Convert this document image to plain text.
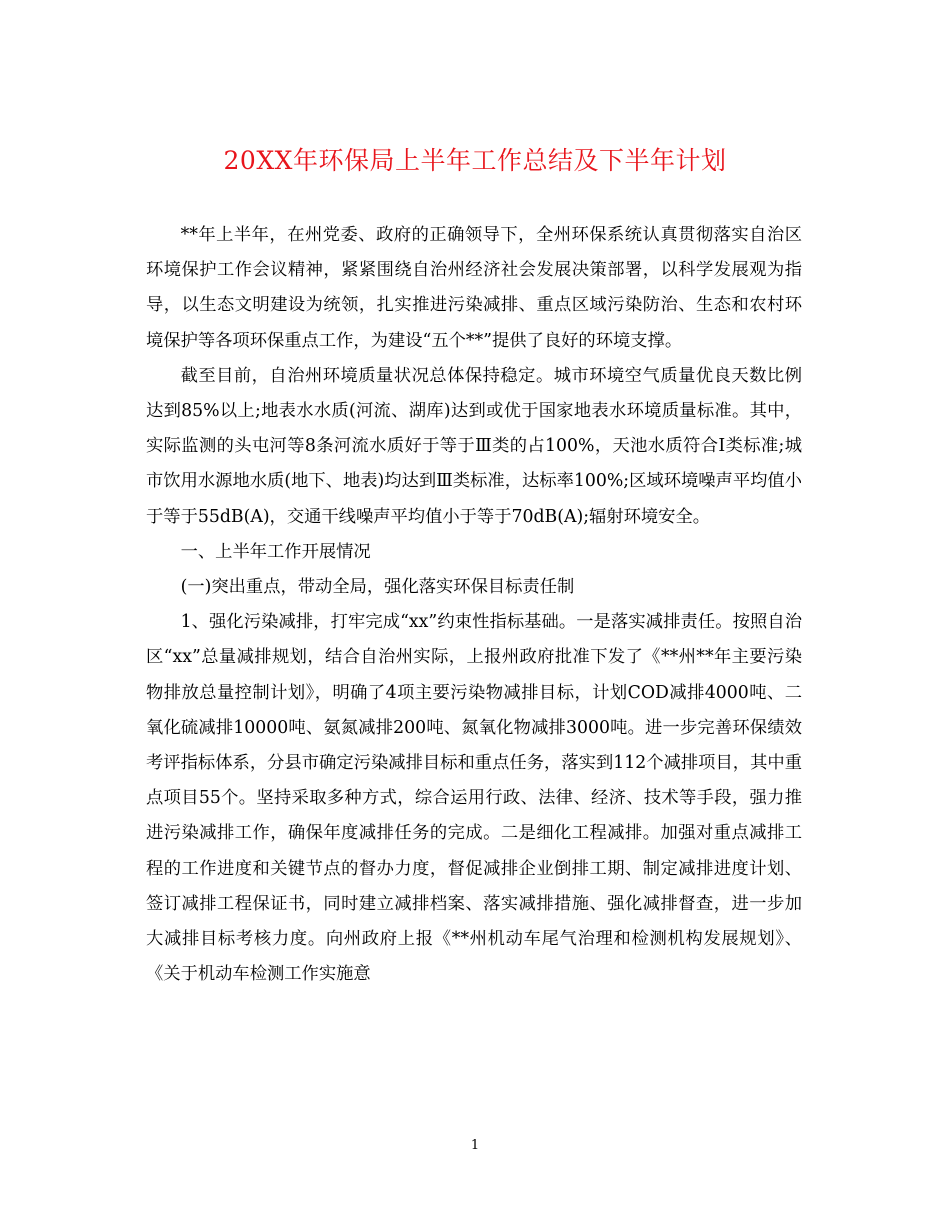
20XX年环保局上半年工作总结及下半年计划

**年上半年，在州党委、政府的正确领导下，全州环保系统认真贯彻落实自治区环境保护工作会议精神，紧紧围绕自治州经济社会发展决策部署，以科学发展观为指导，以生态文明建设为统领，扎实推进污染减排、重点区域污染防治、生态和农村环境保护等各项环保重点工作，为建设“五个**”提供了良好的环境支撑。

截至目前，自治州环境质量状况总体保持稳定。城市环境空气质量优良天数比例达到85%以上;地表水水质(河流、湖库)达到或优于国家地表水环境质量标准。其中，实际监测的头屯河等8条河流水质好于等于Ⅲ类的占100%，天池水质符合I类标准;城市饮用水源地水质(地下、地表)均达到Ⅲ类标准，达标率100%;区域环境噪声平均值小于等于55dB(A)，交通干线噪声平均值小于等于70dB(A);辐射环境安全。

一、上半年工作开展情况

(一)突出重点，带动全局，强化落实环保目标责任制

1、强化污染减排，打牢完成“xx”约束性指标基础。一是落实减排责任。按照自治区“xx”总量减排规划，结合自治州实际，上报州政府批准下发了《**州**年主要污染物排放总量控制计划》，明确了4项主要污染物减排目标，计划COD减排4000吨、二氧化硫减排10000吨、氨氮减排200吨、氮氧化物减排3000吨。进一步完善环保绩效考评指标体系，分县市确定污染减排目标和重点任务，落实到112个减排项目，其中重点项目55个。坚持采取多种方式，综合运用行政、法律、经济、技术等手段，强力推进污染减排工作，确保年度减排任务的完成。二是细化工程减排。加强对重点减排工程的工作进度和关键节点的督办力度，督促减排企业倒排工期、制定减排进度计划、签订减排工程保证书，同时建立减排档案、落实减排措施、强化减排督查，进一步加大减排目标考核力度。向州政府上报《**州机动车尾气治理和检测机构发展规划》、《关于机动车检测工作实施意

1
